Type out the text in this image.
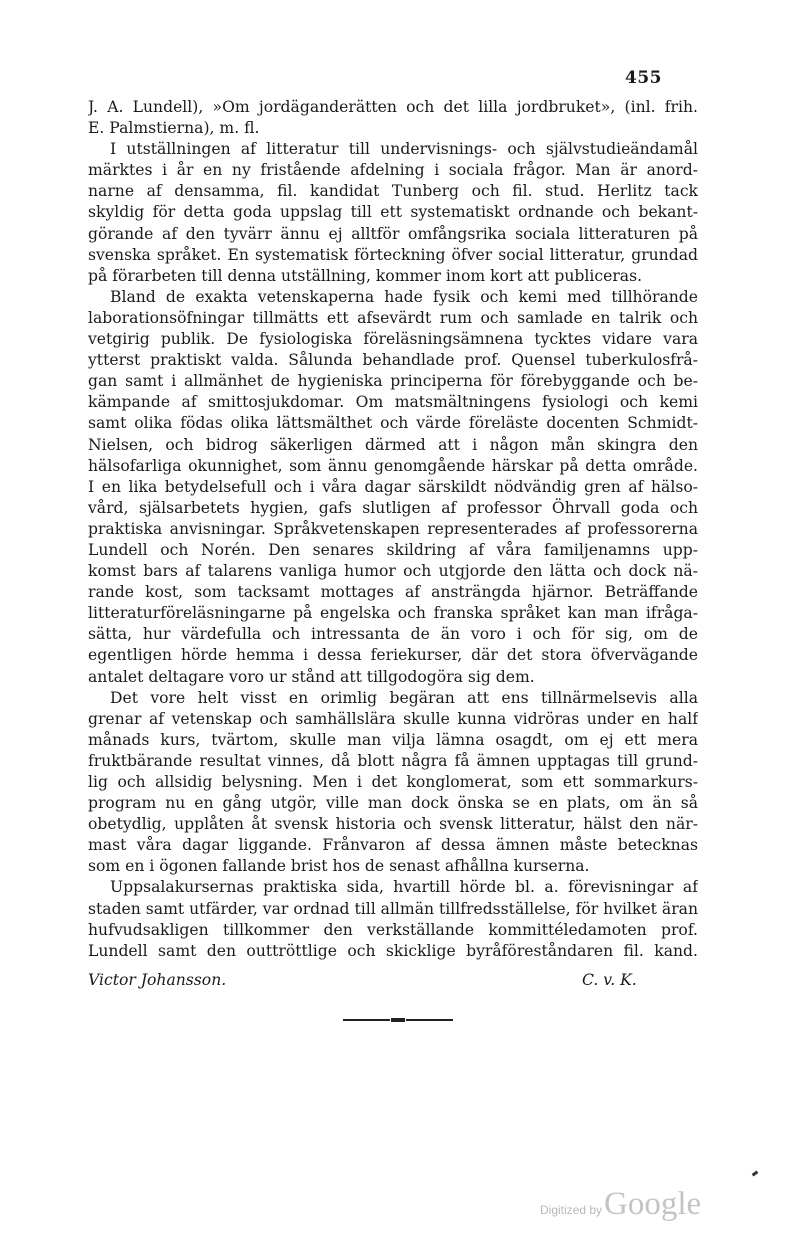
455
J. A. Lundell), »Om jordäganderätten och det lilla jordbruket», (inl. frih.
E. Palmstierna), m. fl.
I utställningen af litteratur till undervisnings- och självstudieändamål
märktes i år en ny fristående afdelning i sociala frågor. Man är anord-
narne af densamma, fil. kandidat Tunberg och fil. stud. Herlitz tack
skyldig för detta goda uppslag till ett systematiskt ordnande och bekant-
görande af den tyvärr ännu ej alltför omfångsrika sociala litteraturen på
svenska språket. En systematisk förteckning öfver social litteratur, grundad
på förarbeten till denna utställning, kommer inom kort att publiceras.
Bland de exakta vetenskaperna hade fysik och kemi med tillhörande
laborationsöfningar tillmätts ett afsevärdt rum och samlade en talrik och
vetgirig publik. De fysiologiska föreläsningsämnena tycktes vidare vara
ytterst praktiskt valda. Sålunda behandlade prof. Quensel tuberkulosfrå-
gan samt i allmänhet de hygieniska principerna för förebyggande och be-
kämpande af smittosjukdomar. Om matsmältningens fysiologi och kemi
samt olika födas olika lättsmälthet och värde föreläste docenten Schmidt-
Nielsen, och bidrog säkerligen därmed att i någon mån skingra den
hälsofarliga okunnighet, som ännu genomgående härskar på detta område.
I en lika betydelsefull och i våra dagar särskildt nödvändig gren af hälso-
vård, själsarbetets hygien, gafs slutligen af professor Öhrvall goda och
praktiska anvisningar. Språkvetenskapen representerades af professorerna
Lundell och Norén. Den senares skildring af våra familjenamns upp-
komst bars af talarens vanliga humor och utgjorde den lätta och dock nä-
rande kost, som tacksamt mottages af ansträngda hjärnor. Beträffande
litteraturföreläsningarne på engelska och franska språket kan man ifråga-
sätta, hur värdefulla och intressanta de än voro i och för sig, om de
egentligen hörde hemma i dessa feriekurser, där det stora öfvervägande
antalet deltagare voro ur stånd att tillgodogöra sig dem.
Det vore helt visst en orimlig begäran att ens tillnärmelsevis alla
grenar af vetenskap och samhällslära skulle kunna vidröras under en half
månads kurs, tvärtom, skulle man vilja lämna osagdt, om ej ett mera
fruktbärande resultat vinnes, då blott några få ämnen upptagas till grund-
lig och allsidig belysning. Men i det konglomerat, som ett sommarkurs-
program nu en gång utgör, ville man dock önska se en plats, om än så
obetydlig, upplåten åt svensk historia och svensk litteratur, hälst den när-
mast våra dagar liggande. Frånvaron af dessa ämnen måste betecknas
som en i ögonen fallande brist hos de senast afhållna kurserna.
Uppsalakursernas praktiska sida, hvartill hörde bl. a. förevisningar af
staden samt utfärder, var ordnad till allmän tillfredsställelse, för hvilket äran
hufvudsakligen tillkommer den verkställande kommittéledamoten prof.
Lundell samt den outtröttlige och skicklige byråföreståndaren fil. kand.
Victor Johansson.	C. v. K.
Digitized by Google
